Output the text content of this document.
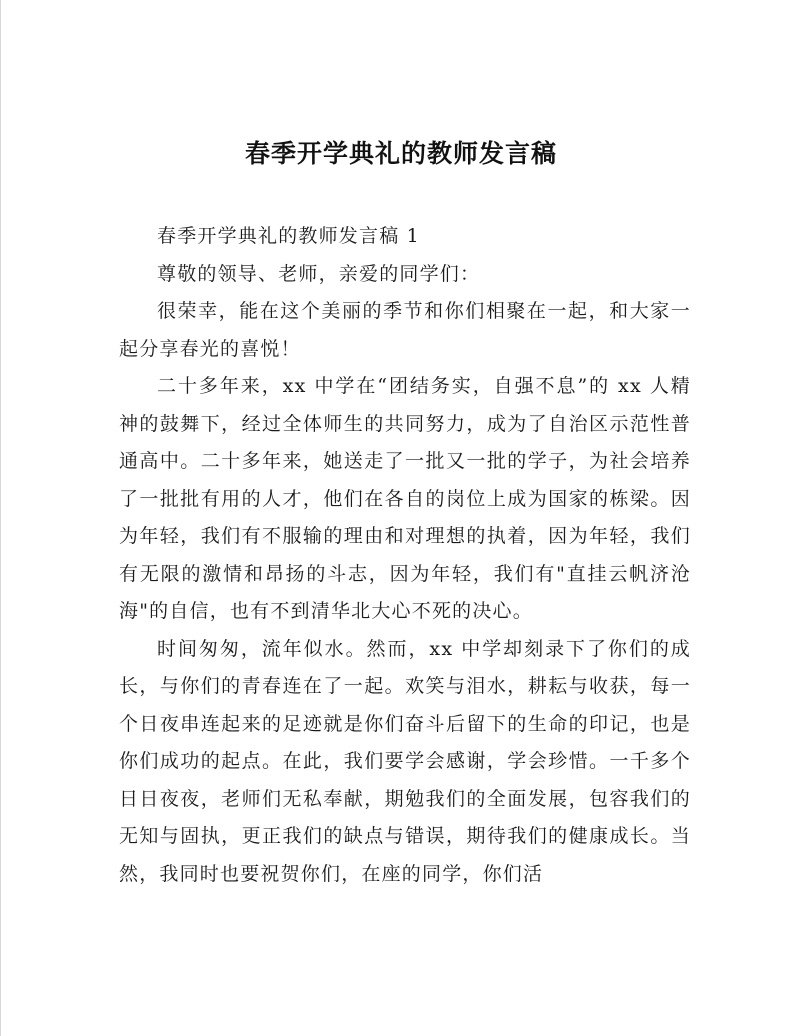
春季开学典礼的教师发言稿

春季开学典礼的教师发言稿 1

尊敬的领导、老师，亲爱的同学们：

很荣幸，能在这个美丽的季节和你们相聚在一起，和大家一起分享春光的喜悦！

二十多年来，xx 中学在“团结务实，自强不息”的 xx 人精神的鼓舞下，经过全体师生的共同努力，成为了自治区示范性普通高中。二十多年来，她送走了一批又一批的学子，为社会培养了一批批有用的人才，他们在各自的岗位上成为国家的栋梁。因为年轻，我们有不服输的理由和对理想的执着，因为年轻，我们有无限的激情和昂扬的斗志，因为年轻，我们有"直挂云帆济沧海"的自信，也有不到清华北大心不死的决心。

时间匆匆，流年似水。然而，xx 中学却刻录下了你们的成长，与你们的青春连在了一起。欢笑与泪水，耕耘与收获，每一个日夜串连起来的足迹就是你们奋斗后留下的生命的印记，也是你们成功的起点。在此，我们要学会感谢，学会珍惜。一千多个日日夜夜，老师们无私奉献，期勉我们的全面发展，包容我们的无知与固执，更正我们的缺点与错误，期待我们的健康成长。当然，我同时也要祝贺你们，在座的同学，你们活
